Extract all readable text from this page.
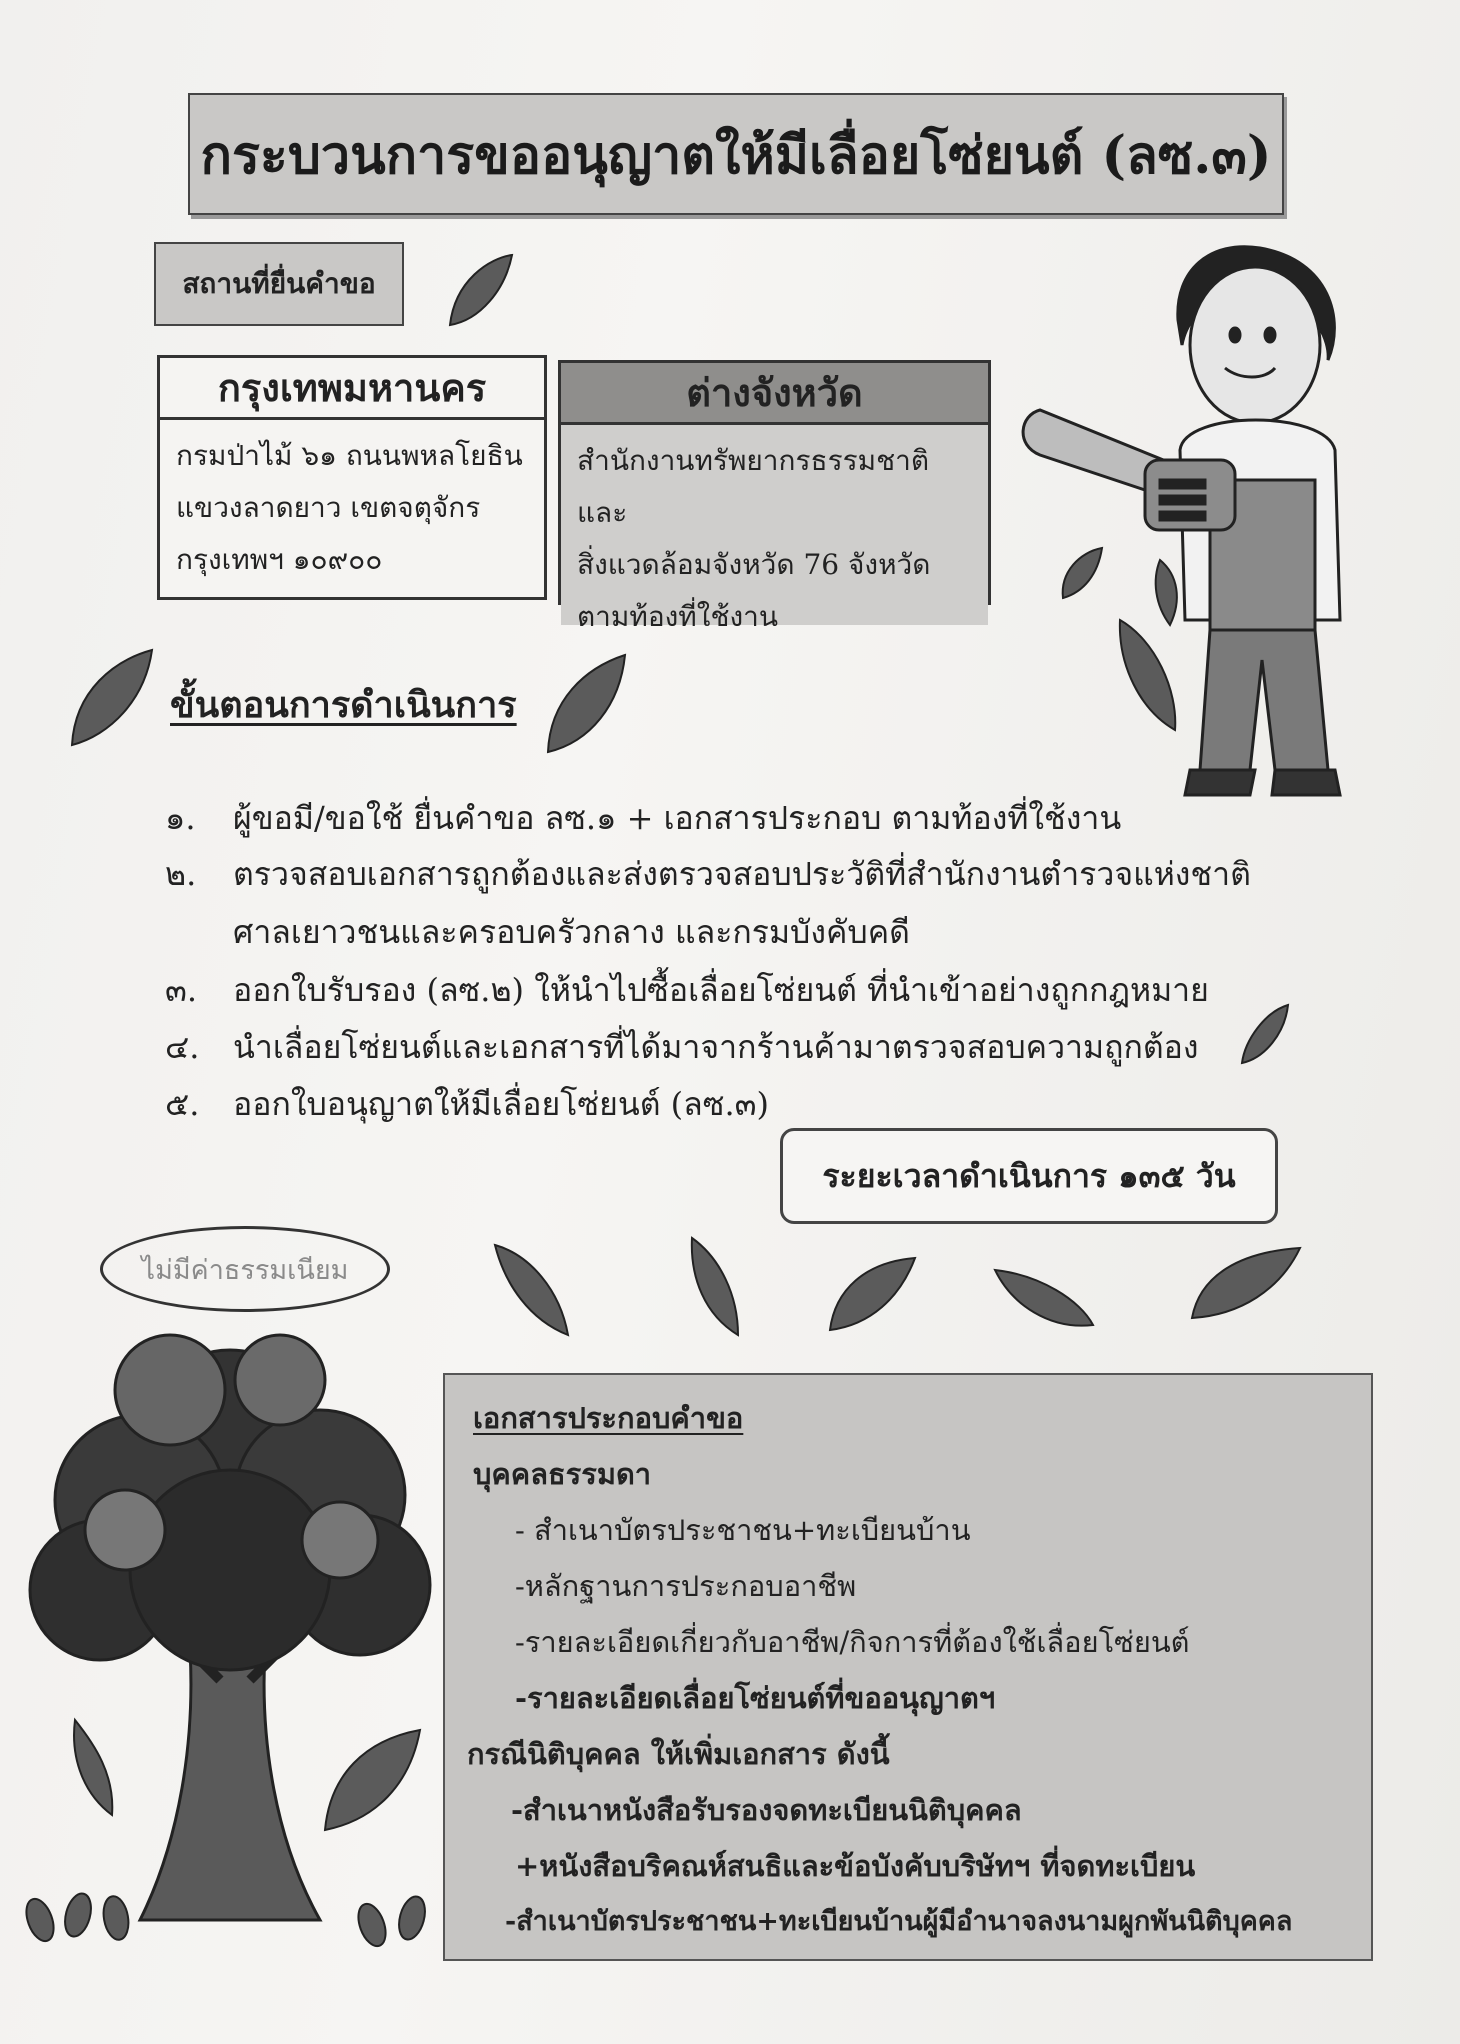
กระบวนการขออนุญาตให้มีเลื่อยโซ่ยนต์ (ลซ.๓)
สถานที่ยื่นคำขอ
กรุงเทพมหานคร
กรมป่าไม้ ๖๑ ถนนพหลโยธิน
แขวงลาดยาว เขตจตุจักร
กรุงเทพฯ ๑๐๙๐๐
ต่างจังหวัด
สำนักงานทรัพยากรธรรมชาติและ
สิ่งแวดล้อมจังหวัด 76 จังหวัด
ตามท้องที่ใช้งาน
ขั้นตอนการดำเนินการ
๑. ผู้ขอมี/ขอใช้ ยื่นคำขอ ลซ.๑ + เอกสารประกอบ ตามท้องที่ใช้งาน
๒. ตรวจสอบเอกสารถูกต้องและส่งตรวจสอบประวัติที่สำนักงานตำรวจแห่งชาติ
ศาลเยาวชนและครอบครัวกลาง และกรมบังคับคดี
๓. ออกใบรับรอง (ลซ.๒) ให้นำไปซื้อเลื่อยโซ่ยนต์ ที่นำเข้าอย่างถูกกฎหมาย
๔. นำเลื่อยโซ่ยนต์และเอกสารที่ได้มาจากร้านค้ามาตรวจสอบความถูกต้อง
๕. ออกใบอนุญาตให้มีเลื่อยโซ่ยนต์ (ลซ.๓)
ระยะเวลาดำเนินการ ๑๓๕ วัน
ไม่มีค่าธรรมเนียม
เอกสารประกอบคำขอ
บุคคลธรรมดา
- สำเนาบัตรประชาชน+ทะเบียนบ้าน
-หลักฐานการประกอบอาชีพ
-รายละเอียดเกี่ยวกับอาชีพ/กิจการที่ต้องใช้เลื่อยโซ่ยนต์
-รายละเอียดเลื่อยโซ่ยนต์ที่ขออนุญาตฯ
กรณีนิติบุคคล ให้เพิ่มเอกสาร ดังนี้
-สำเนาหนังสือรับรองจดทะเบียนนิติบุคคล
+หนังสือบริคณห์สนธิและข้อบังคับบริษัทฯ ที่จดทะเบียน
-สำเนาบัตรประชาชน+ทะเบียนบ้านผู้มีอำนาจลงนามผูกพันนิติบุคคล
